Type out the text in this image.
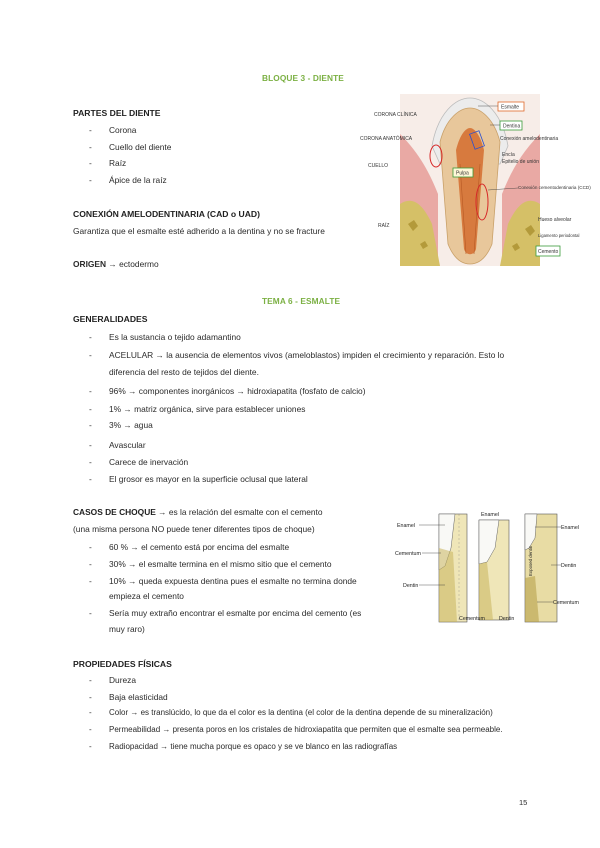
BLOQUE 3 - DIENTE
PARTES DEL DIENTE
- Corona
- Cuello del diente
- Raíz
- Ápice de la raíz
CONEXIÓN AMELODENTINARIA (CAD o UAD)
Garantiza que el esmalte esté adherido a la dentina y no se fracture
ORIGEN → ectodermo
CORONA CLÍNICA
CORONA ANATÓMICA
CUELLO
RAÍZ
Esmalte
Dentina
Conexión amelodentinaria
Encía
Epitelio de unión
Pulpa
Conexión cementodentinaria (CCD)
Hueso alveolar
Ligamento periodontal
Cemento
TEMA 6 - ESMALTE
GENERALIDADES
- Es la sustancia o tejido adamantino
- ACELULAR → la ausencia de elementos vivos (ameloblastos) impiden el crecimiento y reparación. Esto lo
diferencia del resto de tejidos del diente.
- 96% → componentes inorgánicos → hidroxiapatita (fosfato de calcio)
- 1% → matriz orgánica, sirve para establecer uniones
- 3% → agua
- Avascular
- Carece de inervación
- El grosor es mayor en la superficie oclusal que lateral
CASOS DE CHOQUE → es la relación del esmalte con el cemento
(una misma persona NO puede tener diferentes tipos de choque)
- 60 % → el cemento está por encima del esmalte
- 30% → el esmalte termina en el mismo sitio que el cemento
- 10% → queda expuesta dentina pues el esmalte no termina donde
empieza el cemento
- Sería muy extraño encontrar el esmalte por encima del cemento (es
muy raro)
Enamel
Cementum
Dentin
Enamel
Cementum	Dentin
Enamel
Exposed dentin	Dentin
Cementum
PROPIEDADES FÍSICAS
- Dureza
- Baja elasticidad
- Color → es translúcido, lo que da el color es la dentina (el color de la dentina depende de su mineralización)
- Permeabilidad → presenta poros en los cristales de hidroxiapatita que permiten que el esmalte sea permeable.
- Radiopacidad → tiene mucha porque es opaco y se ve blanco en las radiografías
15
